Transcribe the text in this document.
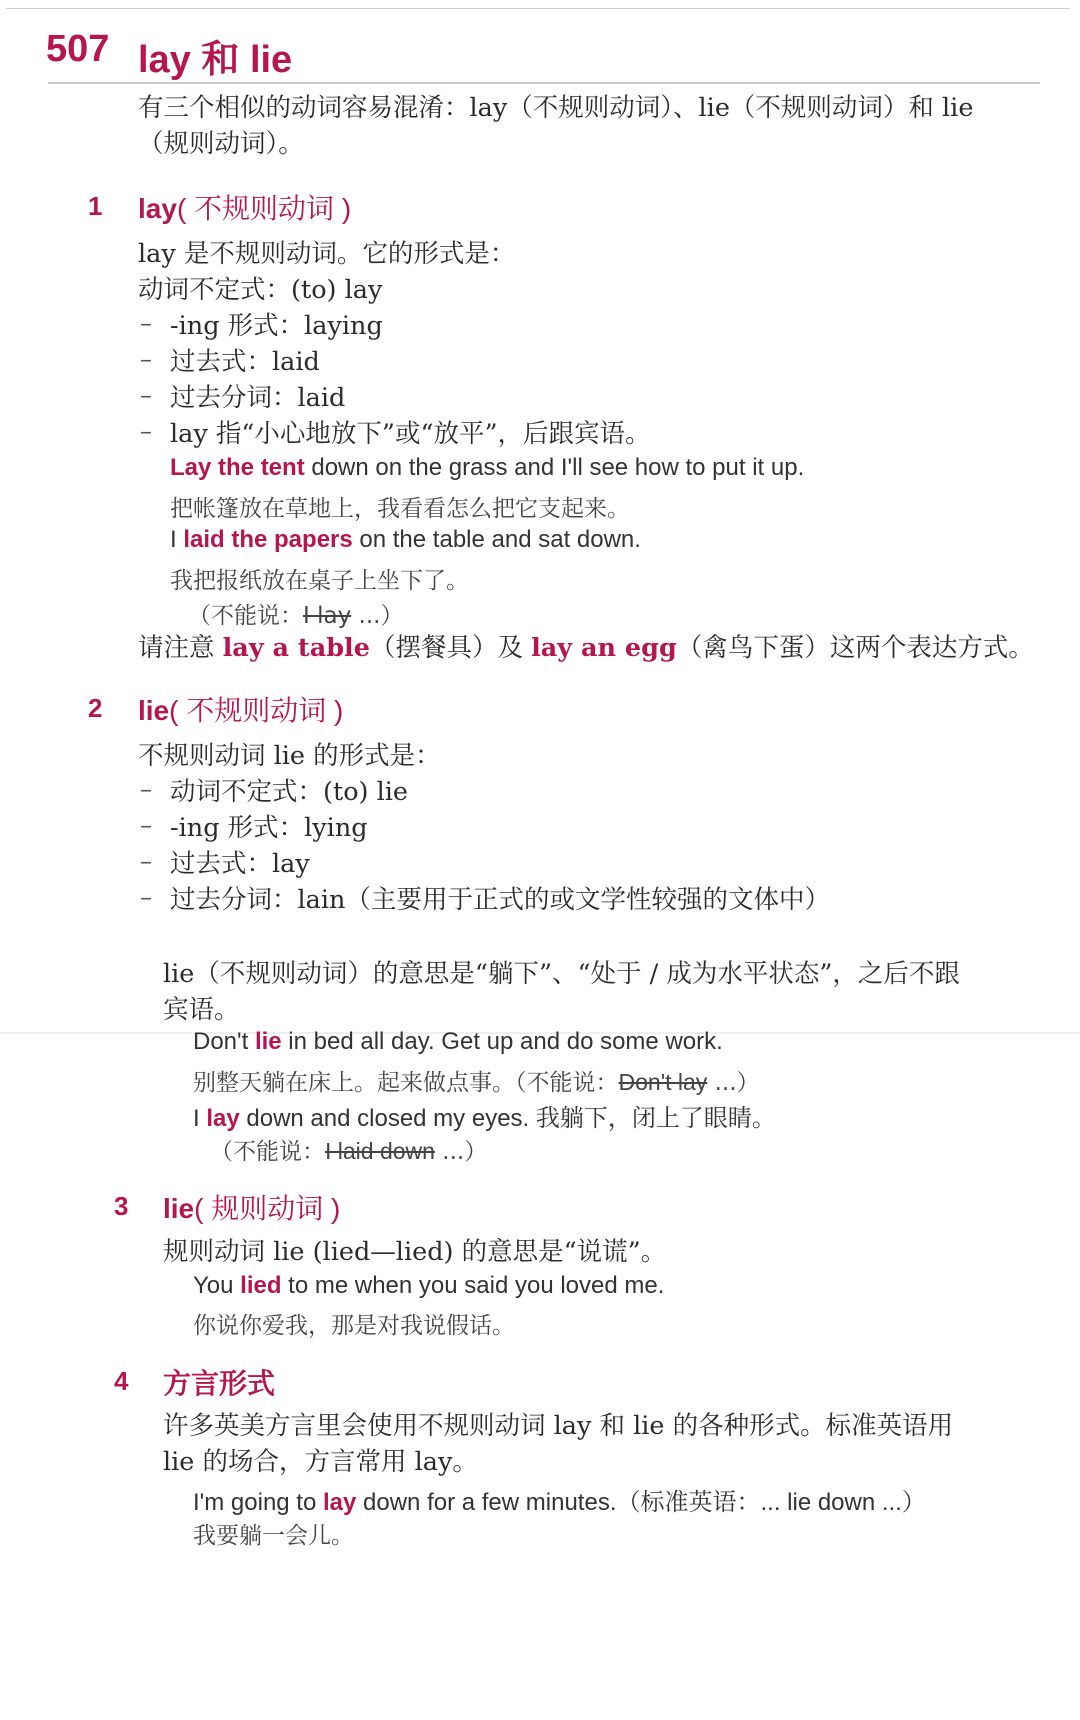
507 lay 和 lie
有三个相似的动词容易混淆：lay（不规则动词）、lie（不规则动词）和 lie
（规则动词）。
1 lay( 不规则动词 )
lay 是不规则动词。它的形式是：
动词不定式：(to) lay
– -ing 形式：laying
– 过去式：laid
– 过去分词：laid
– lay 指“小心地放下”或“放平”，后跟宾语。
Lay the tent down on the grass and I'll see how to put it up.
把帐篷放在草地上，我看看怎么把它支起来。
I laid the papers on the table and sat down.
我把报纸放在桌子上坐下了。
（不能说：I lay ...）
请注意 lay a table（摆餐具）及 lay an egg（禽鸟下蛋）这两个表达方式。
2 lie( 不规则动词 )
不规则动词 lie 的形式是：
– 动词不定式：(to) lie
– -ing 形式：lying
– 过去式：lay
– 过去分词：lain（主要用于正式的或文学性较强的文体中）
lie（不规则动词）的意思是“躺下”、“处于 / 成为水平状态”，之后不跟
宾语。
Don't lie in bed all day. Get up and do some work.
别整天躺在床上。起来做点事。（不能说：Don't lay ...）
I lay down and closed my eyes. 我躺下，闭上了眼睛。
（不能说：I laid down ...）
3 lie( 规则动词 )
规则动词 lie (lied—lied) 的意思是“说谎”。
You lied to me when you said you loved me.
你说你爱我，那是对我说假话。
4 方言形式
许多英美方言里会使用不规则动词 lay 和 lie 的各种形式。标准英语用
lie 的场合，方言常用 lay。
I'm going to lay down for a few minutes.（标准英语：... lie down ...）
我要躺一会儿。
